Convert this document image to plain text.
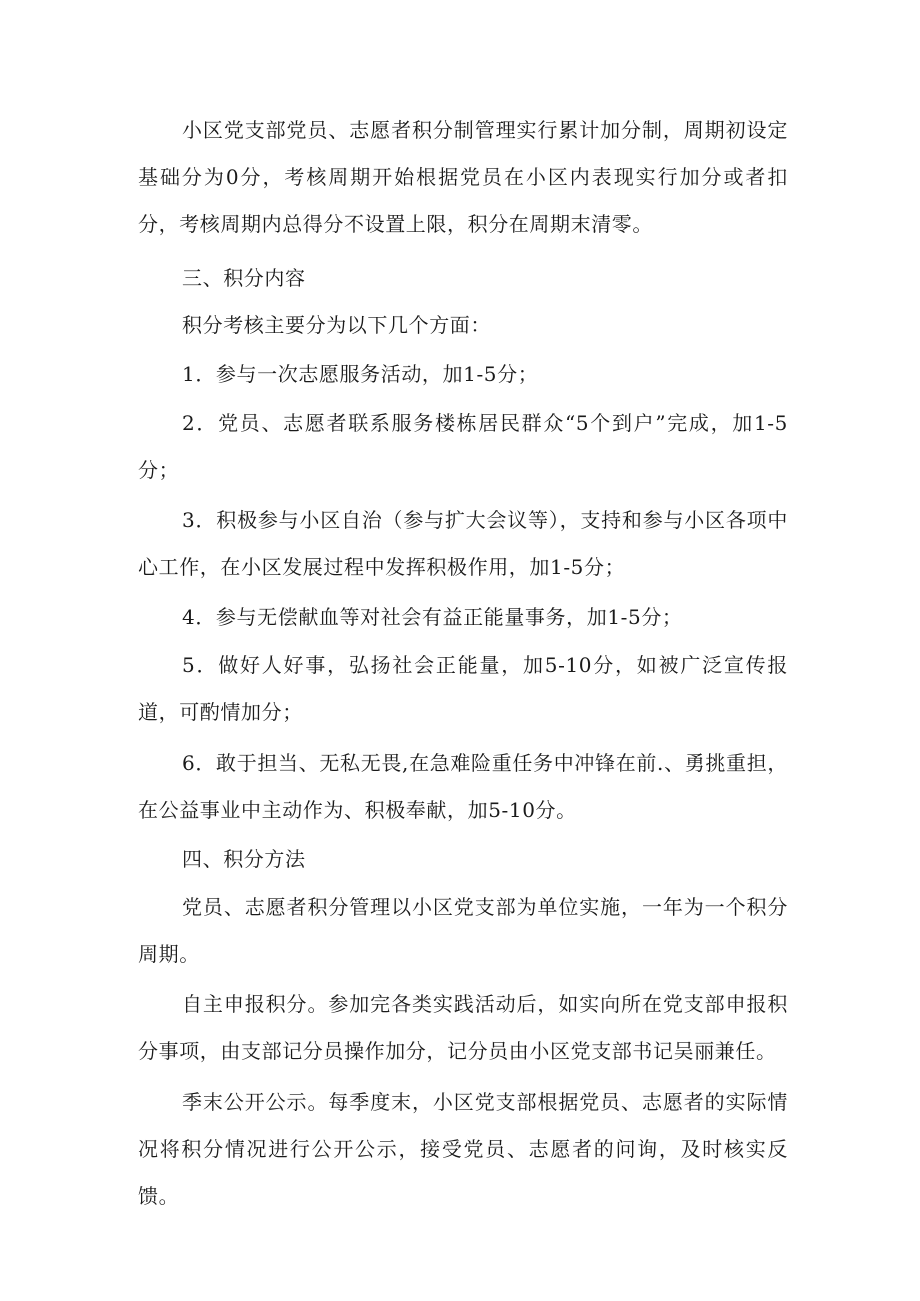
小区党支部党员、志愿者积分制管理实行累计加分制，周期初设定基础分为0分，考核周期开始根据党员在小区内表现实行加分或者扣分，考核周期内总得分不设置上限，积分在周期末清零。

三、积分内容

积分考核主要分为以下几个方面：

1．参与一次志愿服务活动，加1-5分；

2．党员、志愿者联系服务楼栋居民群众“5个到户”完成，加1-5分；

3．积极参与小区自治（参与扩大会议等），支持和参与小区各项中心工作，在小区发展过程中发挥积极作用，加1-5分；

4．参与无偿献血等对社会有益正能量事务，加1-5分；

5．做好人好事，弘扬社会正能量，加5-10分，如被广泛宣传报道，可酌情加分；

6．敢于担当、无私无畏,在急难险重任务中冲锋在前.、勇挑重担，在公益事业中主动作为、积极奉献，加5-10分。

四、积分方法

党员、志愿者积分管理以小区党支部为单位实施，一年为一个积分周期。

自主申报积分。参加完各类实践活动后，如实向所在党支部申报积分事项，由支部记分员操作加分，记分员由小区党支部书记吴丽兼任。

季末公开公示。每季度末，小区党支部根据党员、志愿者的实际情况将积分情况进行公开公示，接受党员、志愿者的问询，及时核实反馈。
